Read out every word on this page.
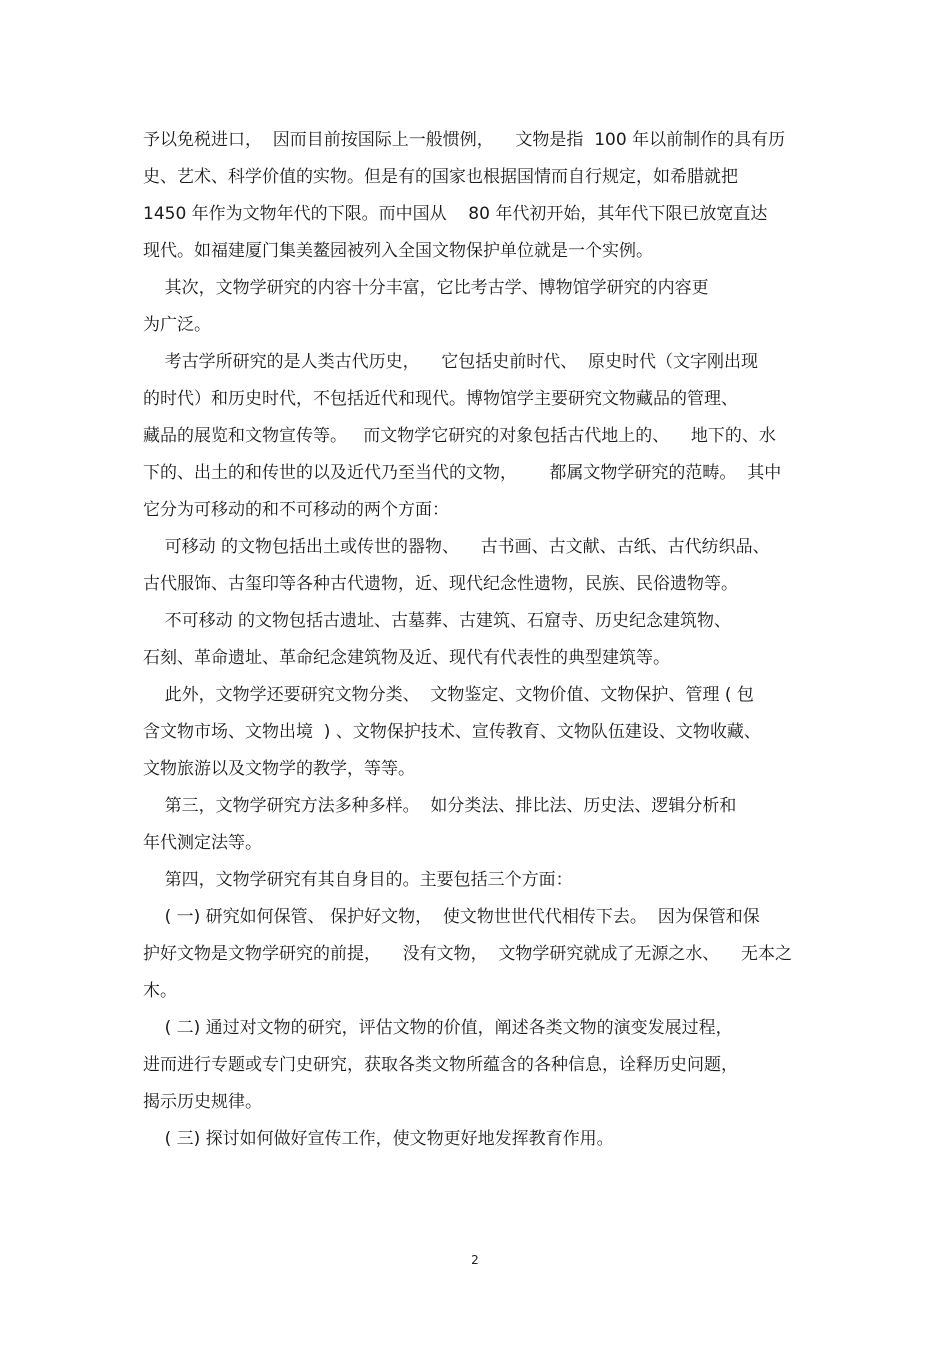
予以免税进口，  因而目前按国际上一般惯例，    文物是指  100 年以前制作的具有历
史、艺术、科学价值的实物。但是有的国家也根据国情而自行规定，如希腊就把
1450 年作为文物年代的下限。而中国从    80 年代初开始，其年代下限已放宽直达
现代。如福建厦门集美鳌园被列入全国文物保护单位就是一个实例。
其次，文物学研究的内容十分丰富，它比考古学、博物馆学研究的内容更
为广泛。
考古学所研究的是人类古代历史，    它包括史前时代、  原史时代（文字刚出现
的时代）和历史时代，不包括近代和现代。博物馆学主要研究文物藏品的管理、
藏品的展览和文物宣传等。   而文物学它研究的对象包括古代地上的、    地下的、水
下的、出土的和传世的以及近代乃至当代的文物，      都属文物学研究的范畴。  其中
它分为可移动的和不可移动的两个方面：
可移动 的文物包括出土或传世的器物、    古书画、古文献、古纸、古代纺织品、
古代服饰、古玺印等各种古代遗物，近、现代纪念性遗物，民族、民俗遗物等。
不可移动 的文物包括古遗址、古墓葬、古建筑、石窟寺、历史纪念建筑物、
石刻、革命遗址、革命纪念建筑物及近、现代有代表性的典型建筑等。
此外，文物学还要研究文物分类、  文物鉴定、文物价值、文物保护、管理 ( 包
含文物市场、文物出境  ) 、文物保护技术、宣传教育、文物队伍建设、文物收藏、
文物旅游以及文物学的教学，等等。
第三，文物学研究方法多种多样。  如分类法、排比法、历史法、逻辑分析和
年代测定法等。
第四，文物学研究有其自身目的。主要包括三个方面：
( 一) 研究如何保管、 保护好文物，  使文物世世代代相传下去。  因为保管和保
护好文物是文物学研究的前提，    没有文物，  文物学研究就成了无源之水、    无本之
木。
( 二) 通过对文物的研究，评估文物的价值，阐述各类文物的演变发展过程，
进而进行专题或专门史研究，获取各类文物所蕴含的各种信息，诠释历史问题，
揭示历史规律。
( 三) 探讨如何做好宣传工作，使文物更好地发挥教育作用。
2
